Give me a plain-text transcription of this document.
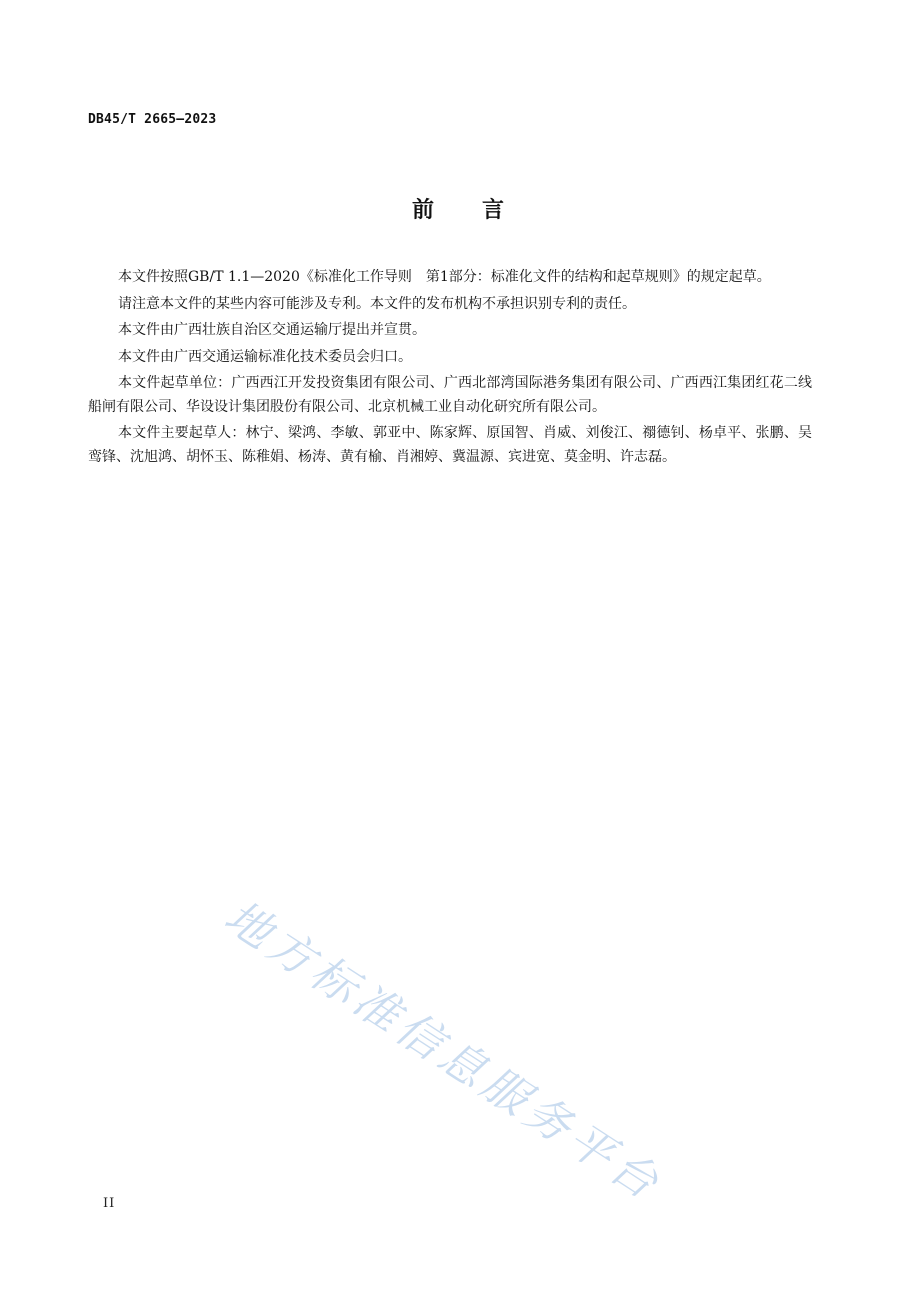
DB45/T 2665—2023
前 言

本文件按照GB/T 1.1—2020《标准化工作导则　第1部分：标准化文件的结构和起草规则》的规定起草。

请注意本文件的某些内容可能涉及专利。本文件的发布机构不承担识别专利的责任。

本文件由广西壮族自治区交通运输厅提出并宣贯。

本文件由广西交通运输标准化技术委员会归口。

本文件起草单位：广西西江开发投资集团有限公司、广西北部湾国际港务集团有限公司、广西西江集团红花二线船闸有限公司、华设设计集团股份有限公司、北京机械工业自动化研究所有限公司。

本文件主要起草人：林宁、梁鸿、李敏、郭亚中、陈家辉、原国智、肖威、刘俊江、禤德钊、杨卓平、张鹏、吴鸾锋、沈旭鸿、胡怀玉、陈稚娟、杨涛、黄有榆、肖湘婷、冀温源、宾进宽、莫金明、许志磊。

地方标准信息服务平台
II
